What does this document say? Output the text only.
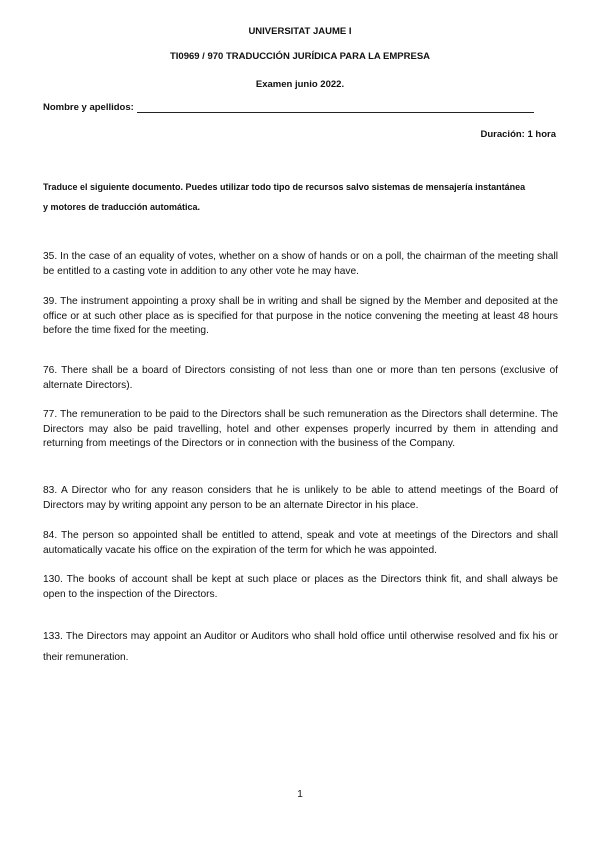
UNIVERSITAT JAUME I

TI0969 / 970 TRADUCCIÓN JURÍDICA PARA LA EMPRESA

Examen junio 2022.

Nombre y apellidos:

Duración: 1 hora

Traduce el siguiente documento. Puedes utilizar todo tipo de recursos salvo sistemas de mensajería instantánea

y motores de traducción automática.

35. In the case of an equality of votes, whether on a show of hands or on a poll, the chairman of the meeting shall be entitled to a casting vote in addition to any other vote he may have.

39. The instrument appointing a proxy shall be in writing and shall be signed by the Member and deposited at the office or at such other place as is specified for that purpose in the notice convening the meeting at least 48 hours before the time fixed for the meeting.

76. There shall be a board of Directors consisting of not less than one or more than ten persons (exclusive of alternate Directors).

77. The remuneration to be paid to the Directors shall be such remuneration as the Directors shall determine. The Directors may also be paid travelling, hotel and other expenses properly incurred by them in attending and returning from meetings of the Directors or in connection with the business of the Company.

83. A Director who for any reason considers that he is unlikely to be able to attend meetings of the Board of Directors may by writing appoint any person to be an alternate Director in his place.

84. The person so appointed shall be entitled to attend, speak and vote at meetings of the Directors and shall automatically vacate his office on the expiration of the term for which he was appointed.

130. The books of account shall be kept at such place or places as the Directors think fit, and shall always be open to the inspection of the Directors.

133. The Directors may appoint an Auditor or Auditors who shall hold office until otherwise resolved and fix his or their remuneration.

1
